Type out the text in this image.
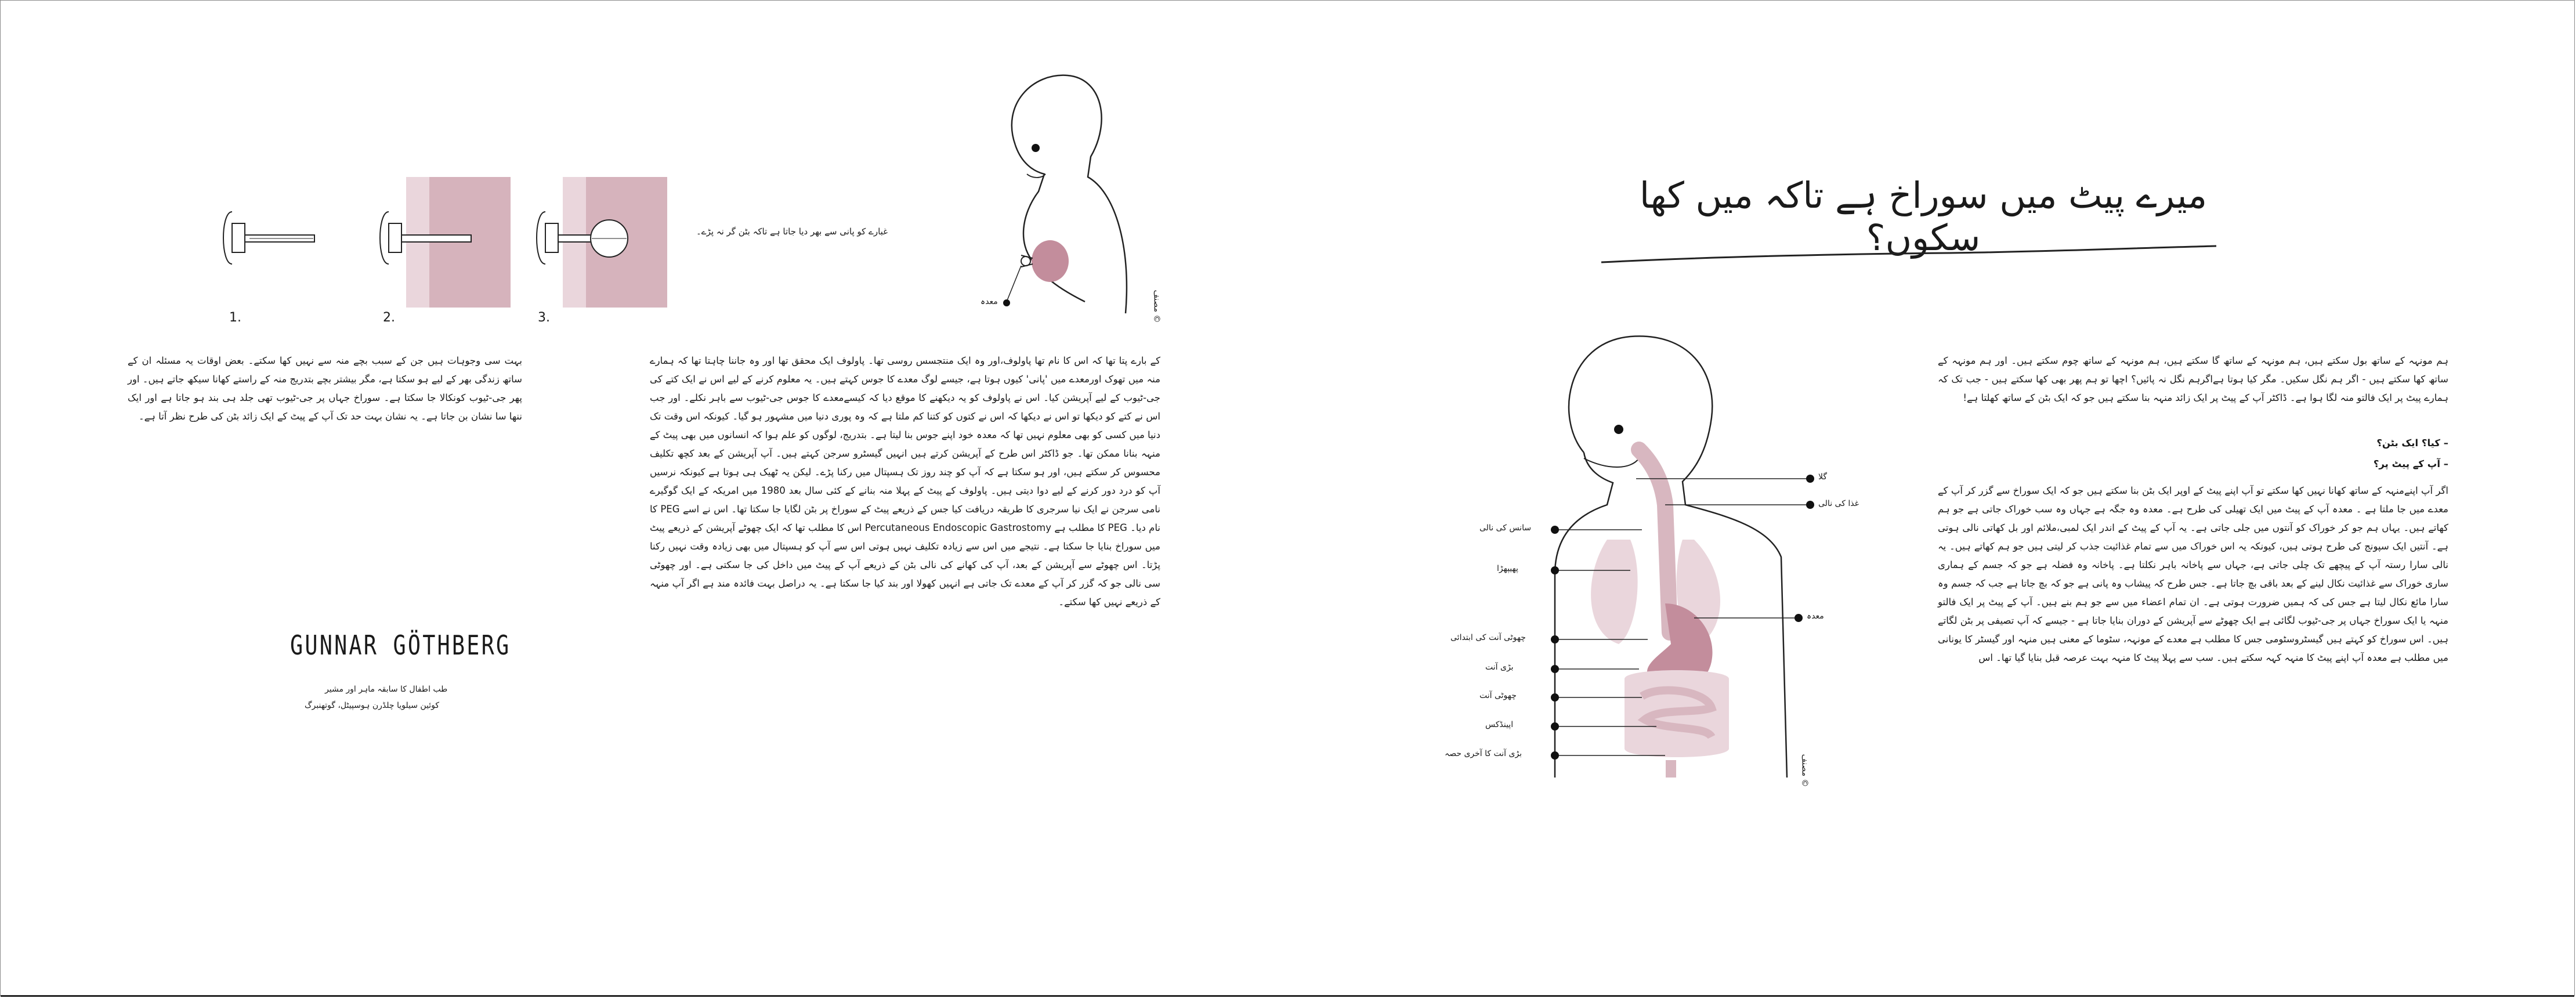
میرے پیٹ میں سوراخ ہے تاکہ میں کھا سکوں؟
ہم مونہہ کے ساتھ بول سکتے ہیں، ہم مونہہ کے ساتھ گا سکتے ہیں، ہم مونہہ کے ساتھ چوم سکتے ہیں۔ اور ہم مونہہ کے ساتھ کھا سکتے ہیں - اگر ہم نگل سکیں۔ مگر کیا ہوتا ہےاگرہم نگل نہ پائیں؟ اچھا تو ہم پھر بھی کھا سکتے ہیں - جب تک کہ ہمارے پیٹ پر ایک فالتو منہ لگا ہوا ہے۔ ڈاکٹر آپ کے پیٹ پر ایک زائد منہہ بنا سکتے ہیں جو کہ ایک بٹن کے ساتھ کھلتا ہے!
– کیا؟ ایک بٹن؟
– آپ کے پیٹ پر؟
اگر آپ اپنےمنہہ کے ساتھ کھانا نہیں کھا سکتے تو آپ اپنے پیٹ کے اوپر ایک بٹن بنا سکتے ہیں جو کہ ایک سوراخ سے گزر کر آپ کے معدے میں جا ملتا ہے ۔ معدہ آپ کے پیٹ میں ایک تھیلی کی طرح ہے۔ معدہ وہ جگہ ہے جہاں وہ سب خوراک جاتی ہے جو ہم کھاتے ہیں۔ یہاں ہم جو کر خوراک کو آنتوں میں جلی جاتی ہے۔ یہ آپ کے پیٹ کے اندر ایک لمبی،ملائم اور بل کھاتی نالی ہوتی ہے۔ آنتیں ایک سپونج کی طرح ہوتی ہیں، کیونکہ یہ اس خوراک میں سے تمام غذائیت جذب کر لیتی ہیں جو ہم کھاتے ہیں۔ یہ نالی سارا رستہ آپ کے پیچھے تک چلی جاتی ہے، جہاں سے پاخانہ باہر نکلتا ہے۔ پاخانہ وہ فضلہ ہے جو کہ جسم کے ہماری ساری خوراک سے غذائیت نکال لینے کے بعد باقی بچ جاتا ہے۔ جس طرح کہ پیشاب وہ پانی ہے جو کہ بچ جاتا ہے جب کہ جسم وہ سارا مائع نکال لیتا ہے جس کی کہ ہمیں ضرورت ہوتی ہے۔ ان تمام اعضاء میں سے جو ہم بنے ہیں۔ آپ کے پیٹ پر ایک فالتو منہہ یا ایک سوراخ جہاں پر جی-ٹیوب لگائی ہے ایک چھوٹے سے آپریشن کے دوران بنایا جاتا ہے - جیسے کہ آپ تصیفی پر بٹن لگاتے ہیں۔ اس سوراخ کو کہتے ہیں گیسٹروسٹومی جس کا مطلب ہے معدے کے مونہہ، سٹوما کے معنی ہیں منہہ اور گیسٹر کا یونانی میں مطلب ہے معدہ آپ اپنے پیٹ کا منہہ کہہ سکتے ہیں۔ سب سے پہلا پیٹ کا منہہ بہت عرصہ قبل بنایا گیا تھا۔ اس
گلا
غذا کی نالی
سانس کی نالی
پھیپھڑا
معدہ
چھوٹی آنت کی ابتدائی
بڑی آنت
چھوٹی آنت
اپینڈکس
بڑی آنت کا آخری حصہ
© مصنف
معدہ	© مصنف
غبارے کو پانی سے بھر دیا جاتا ہے تاکہ بٹن گر نہ پڑے۔
1.	2.	3.
کے بارے پتا تھا کہ اس کا نام تھا پاولوف،اور وہ ایک منتجسس روسی تھا۔ پاولوف ایک محقق تھا اور وہ جاننا چاہتا تھا کہ ہمارے منہ میں تھوک اورمعدے میں 'پانی' کیوں ہوتا ہے، جیسے لوگ معدے کا جوس کہتے ہیں۔ یہ معلوم کرنے کے لیے اس نے ایک کتے کی جی-ٹیوب کے لیے آپریشن کیا۔ اس نے پاولوف کو یہ دیکھنے کا موقع دیا کہ کیسےمعدے کا جوس جی-ٹیوب سے باہر نکلے۔ اور جب اس نے کتے کو دیکھا تو اس نے دیکھا کہ اس نے کتوں کو کتنا کم ملتا ہے کہ وہ پوری دنیا میں مشہور ہو گیا۔ کیونکہ اس وقت تک دنیا میں کسی کو بھی معلوم نہیں تھا کہ معدہ خود اپنے جوس بنا لیتا ہے۔ بتدریج، لوگوں کو علم ہوا کہ انسانوں میں بھی پیٹ کے منہہ بنانا ممکن تھا۔ جو ڈاکٹر اس طرح کے آپریشن کرتے ہیں انہیں گیسٹرو سرجن کہتے ہیں۔ آپ آپریشن کے بعد کچھ تکلیف محسوس کر سکتے ہیں، اور ہو سکتا ہے کہ آپ کو چند روز تک ہسپتال میں رکنا پڑے۔ لیکن یہ ٹھیک ہی ہوتا ہے کیونکہ نرسیں آپ کو درد دور کرنے کے لیے دوا دیتی ہیں۔ پاولوف کے پیٹ کے پہلا منہ بنانے کے کئی سال بعد 1980 میں امریکہ کے ایک گوگیرے نامی سرجن نے ایک نیا سرجری کا طریقہ دریافت کیا جس کے ذریعے پیٹ کے سوراخ پر بٹن لگایا جا سکتا تھا۔ اس نے اسے PEG کا نام دیا۔ PEG کا مطلب ہے Percutaneous Endoscopic Gastrostomy اس کا مطلب تھا کہ ایک چھوٹے آپریشن کے ذریعے پیٹ میں سوراخ بنایا جا سکتا ہے۔ نتیجے میں اس سے زیادہ تکلیف نہیں ہوتی اس سے آپ کو ہسپتال میں بھی زیادہ وقت نہیں رکنا پڑتا۔ اس چھوٹے سے آپریشن کے بعد، آپ کی کھانے کی نالی بٹن کے ذریعے آپ کے پیٹ میں داخل کی جا سکتی ہے۔ اور چھوٹی سی نالی جو کہ گزر کر آپ کے معدے تک جاتی ہے انہیں کھولا اور بند کیا جا سکتا ہے۔ یہ دراصل بہت فائدہ مند ہے اگر آپ منہہ کے ذریعے نہیں کھا سکتے۔
بہت سی وجوہات ہیں جن کے سبب بچے منہ سے نہیں کھا سکتے۔ بعض اوقات یہ مسئلہ ان کے ساتھ زندگی بھر کے لیے ہو سکتا ہے، مگر بیشتر بچے بتدریج منہ کے راستے کھانا سیکھ جاتے ہیں۔ اور پھر جی-ٹیوب کونکالا جا سکتا ہے۔ سوراخ جہاں پر جی-ٹیوب تھی جلد ہی بند ہو جاتا ہے اور ایک ننھا سا نشان بن جاتا ہے۔ یہ نشان بہت حد تک آپ کے پیٹ کے ایک زائد بٹن کی طرح نظر آتا ہے۔
GUNNAR GÖTHBERG
طب اطفال کا سابقہ ماہر اور مشیر
کوئین سیلویا چلڈرن ہوسپیٹل، گوتھنبرگ
